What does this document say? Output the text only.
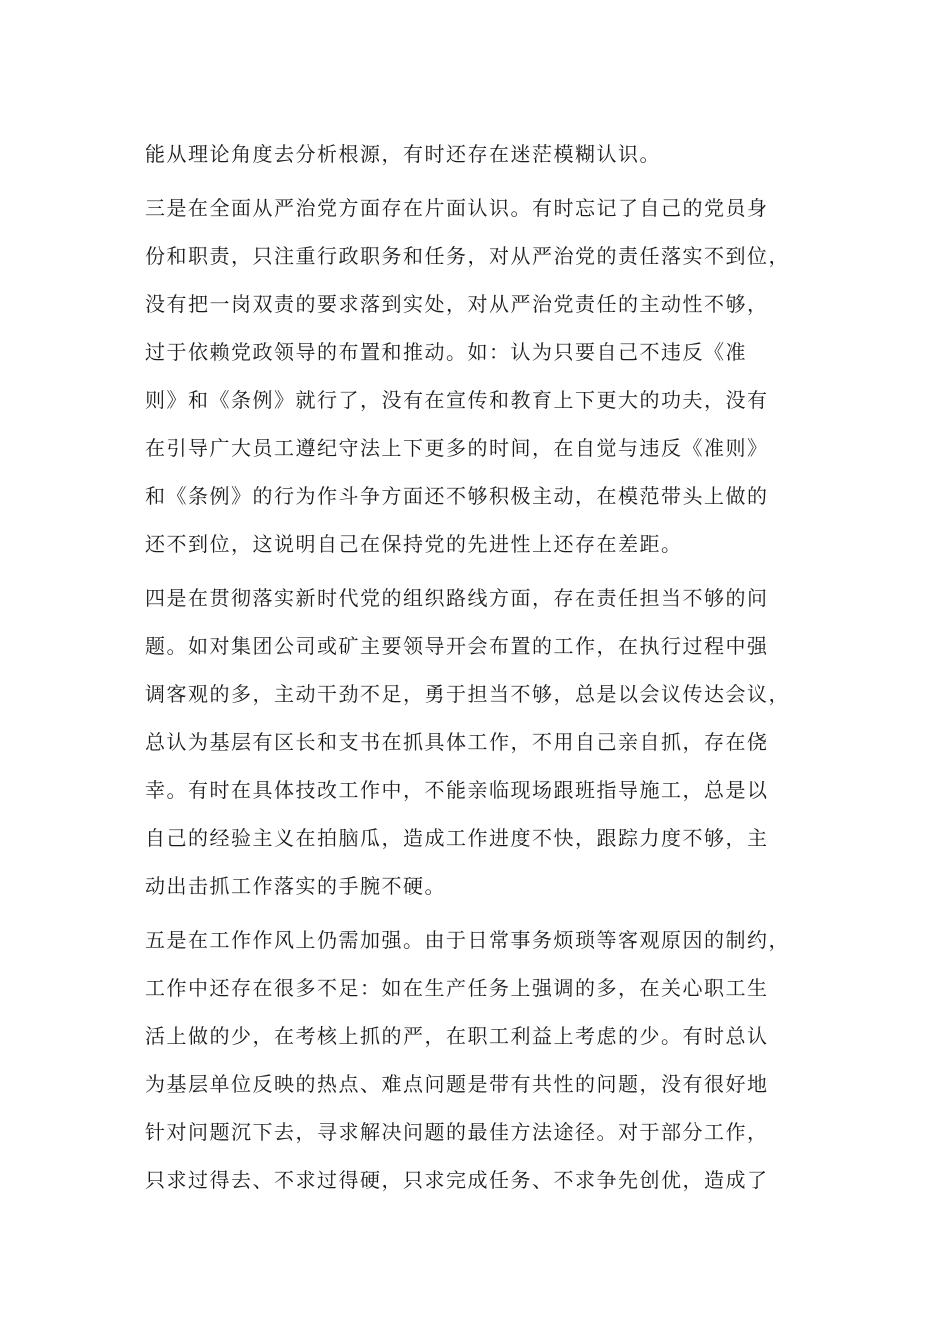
能从理论角度去分析根源，有时还存在迷茫模糊认识。
三是在全面从严治党方面存在片面认识。有时忘记了自己的党员身
份和职责，只注重行政职务和任务，对从严治党的责任落实不到位，
没有把一岗双责的要求落到实处，对从严治党责任的主动性不够，
过于依赖党政领导的布置和推动。如：认为只要自己不违反《准
则》和《条例》就行了，没有在宣传和教育上下更大的功夫，没有
在引导广大员工遵纪守法上下更多的时间，在自觉与违反《准则》
和《条例》的行为作斗争方面还不够积极主动，在模范带头上做的
还不到位，这说明自己在保持党的先进性上还存在差距。
四是在贯彻落实新时代党的组织路线方面，存在责任担当不够的问
题。如对集团公司或矿主要领导开会布置的工作，在执行过程中强
调客观的多，主动干劲不足，勇于担当不够，总是以会议传达会议，
总认为基层有区长和支书在抓具体工作，不用自己亲自抓，存在侥
幸。有时在具体技改工作中，不能亲临现场跟班指导施工，总是以
自己的经验主义在拍脑瓜，造成工作进度不快，跟踪力度不够，主
动出击抓工作落实的手腕不硬。
五是在工作作风上仍需加强。由于日常事务烦琐等客观原因的制约，
工作中还存在很多不足：如在生产任务上强调的多，在关心职工生
活上做的少，在考核上抓的严，在职工利益上考虑的少。有时总认
为基层单位反映的热点、难点问题是带有共性的问题，没有很好地
针对问题沉下去，寻求解决问题的最佳方法途径。对于部分工作，
只求过得去、不求过得硬，只求完成任务、不求争先创优，造成了
